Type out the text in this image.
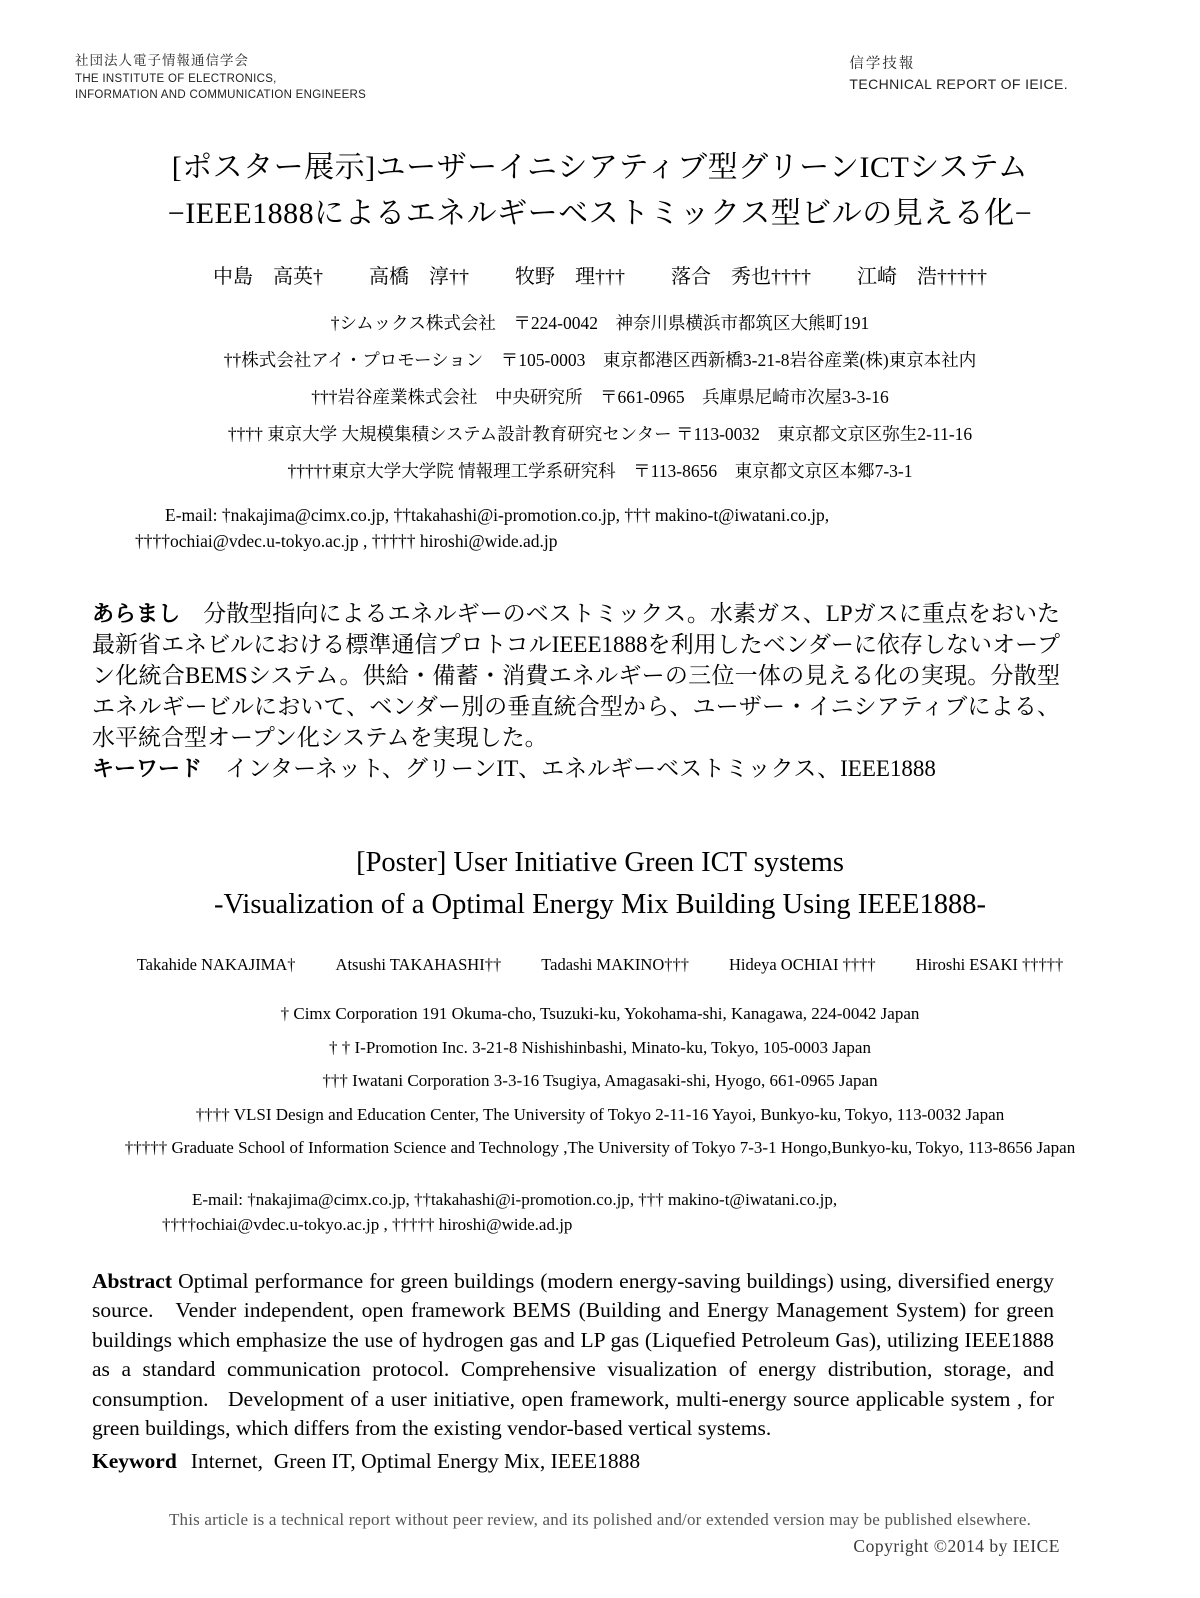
社団法人電子情報通信学会
THE INSTITUTE OF ELECTRONICS,
INFORMATION AND COMMUNICATION ENGINEERS
信学技報
TECHNICAL REPORT OF IEICE.
[ポスター展示]ユーザーイニシアティブ型グリーンICTシステム
−IEEE1888によるエネルギーベストミックス型ビルの見える化−
中島　高英† 高橋　淳†† 牧野　理††† 落合　秀也†††† 江崎　浩†††††
†シムックス株式会社　〒224-0042　神奈川県横浜市都筑区大熊町191
††株式会社アイ・プロモーション　〒105-0003　東京都港区西新橋3-21-8岩谷産業(株)東京本社内
†††岩谷産業株式会社　中央研究所　〒661-0965　兵庫県尼崎市次屋3-3-16
†††† 東京大学 大規模集積システム設計教育研究センター 〒113-0032　東京都文京区弥生2-11-16
†††††東京大学大学院 情報理工学系研究科　〒113-8656　東京都文京区本郷7-3-1
E-mail: †nakajima@cimx.co.jp, ††takahashi@i-promotion.co.jp, ††† makino-t@iwatani.co.jp,
††††ochiai@vdec.u-tokyo.ac.jp , ††††† hiroshi@wide.ad.jp
あらまし　分散型指向によるエネルギーのベストミックス。水素ガス、LPガスに重点をおいた最新省エネビルにおける標準通信プロトコルIEEE1888を利用したベンダーに依存しないオープン化統合BEMSシステム。供給・備蓄・消費エネルギーの三位一体の見える化の実現。分散型エネルギービルにおいて、ベンダー別の垂直統合型から、ユーザー・イニシアティブによる、水平統合型オープン化システムを実現した。
キーワード　インターネット、グリーンIT、エネルギーベストミックス、IEEE1888
[Poster] User Initiative Green ICT systems
-Visualization of a Optimal Energy Mix Building Using IEEE1888-
Takahide NAKAJIMA† Atsushi TAKAHASHI†† Tadashi MAKINO††† Hideya OCHIAI †††† Hiroshi ESAKI †††††
† Cimx Corporation 191 Okuma-cho, Tsuzuki-ku, Yokohama-shi, Kanagawa, 224-0042 Japan
† † I-Promotion Inc. 3-21-8 Nishishinbashi, Minato-ku, Tokyo, 105-0003 Japan
††† Iwatani Corporation 3-3-16 Tsugiya, Amagasaki-shi, Hyogo, 661-0965 Japan
†††† VLSI Design and Education Center, The University of Tokyo 2-11-16 Yayoi, Bunkyo-ku, Tokyo, 113-0032 Japan
††††† Graduate School of Information Science and Technology ,The University of Tokyo 7-3-1 Hongo,Bunkyo-ku, Tokyo, 113-8656 Japan
E-mail: †nakajima@cimx.co.jp, ††takahashi@i-promotion.co.jp, ††† makino-t@iwatani.co.jp,
††††ochiai@vdec.u-tokyo.ac.jp , ††††† hiroshi@wide.ad.jp
Abstract Optimal performance for green buildings (modern energy-saving buildings) using, diversified energy source.   Vender independent, open framework BEMS (Building and Energy Management System) for green buildings which emphasize the use of hydrogen gas and LP gas (Liquefied Petroleum Gas), utilizing IEEE1888 as a standard communication protocol. Comprehensive visualization of energy distribution, storage, and consumption.   Development of a user initiative, open framework, multi-energy source applicable system , for green buildings, which differs from the existing vendor-based vertical systems.
Keyword Internet,  Green IT, Optimal Energy Mix, IEEE1888
This article is a technical report without peer review, and its polished and/or extended version may be published elsewhere.
Copyright ©2014 by IEICE
